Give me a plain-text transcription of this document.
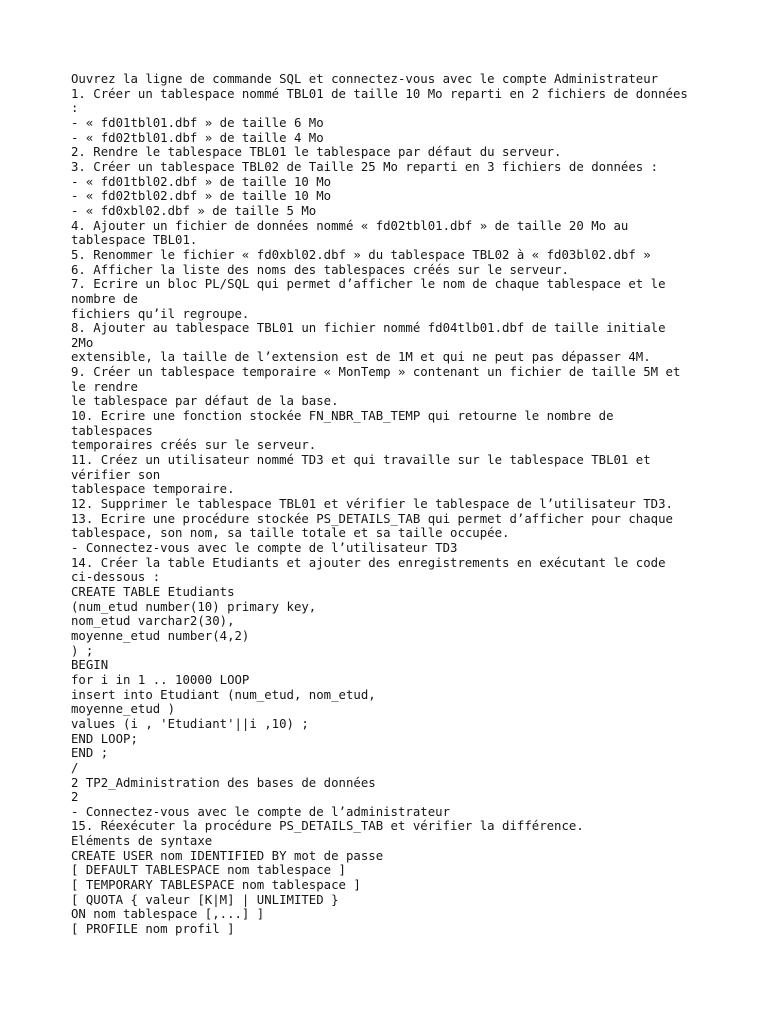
Ouvrez la ligne de commande SQL et connectez-vous avec le compte Administrateur
1. Créer un tablespace nommé TBL01 de taille 10 Mo reparti en 2 fichiers de données
:
- « fd01tbl01.dbf » de taille 6 Mo
- « fd02tbl01.dbf » de taille 4 Mo
2. Rendre le tablespace TBL01 le tablespace par défaut du serveur.
3. Créer un tablespace TBL02 de Taille 25 Mo reparti en 3 fichiers de données :
- « fd01tbl02.dbf » de taille 10 Mo
- « fd02tbl02.dbf » de taille 10 Mo
- « fd0xbl02.dbf » de taille 5 Mo
4. Ajouter un fichier de données nommé « fd02tbl01.dbf » de taille 20 Mo au
tablespace TBL01.
5. Renommer le fichier « fd0xbl02.dbf » du tablespace TBL02 à « fd03bl02.dbf »
6. Afficher la liste des noms des tablespaces créés sur le serveur.
7. Ecrire un bloc PL/SQL qui permet d’afficher le nom de chaque tablespace et le
nombre de
fichiers qu’il regroupe.
8. Ajouter au tablespace TBL01 un fichier nommé fd04tlb01.dbf de taille initiale
2Mo
extensible, la taille de l’extension est de 1M et qui ne peut pas dépasser 4M.
9. Créer un tablespace temporaire « MonTemp » contenant un fichier de taille 5M et
le rendre
le tablespace par défaut de la base.
10. Ecrire une fonction stockée FN_NBR_TAB_TEMP qui retourne le nombre de
tablespaces
temporaires créés sur le serveur.
11. Créez un utilisateur nommé TD3 et qui travaille sur le tablespace TBL01 et
vérifier son
tablespace temporaire.
12. Supprimer le tablespace TBL01 et vérifier le tablespace de l’utilisateur TD3.
13. Ecrire une procédure stockée PS_DETAILS_TAB qui permet d’afficher pour chaque
tablespace, son nom, sa taille totale et sa taille occupée.
- Connectez-vous avec le compte de l’utilisateur TD3
14. Créer la table Etudiants et ajouter des enregistrements en exécutant le code
ci-dessous :
CREATE TABLE Etudiants
(num_etud number(10) primary key,
nom_etud varchar2(30),
moyenne_etud number(4,2)
) ;
BEGIN
for i in 1 .. 10000 LOOP
insert into Etudiant (num_etud, nom_etud,
moyenne_etud )
values (i , 'Etudiant'||i ,10) ;
END LOOP;
END ;
/
2 TP2_Administration des bases de données
2
- Connectez-vous avec le compte de l’administrateur
15. Réexécuter la procédure PS_DETAILS_TAB et vérifier la différence.
Eléments de syntaxe
CREATE USER nom IDENTIFIED BY mot de passe
[ DEFAULT TABLESPACE nom tablespace ]
[ TEMPORARY TABLESPACE nom tablespace ]
[ QUOTA { valeur [K|M] | UNLIMITED }
ON nom tablespace [,...] ]
[ PROFILE nom profil ]
